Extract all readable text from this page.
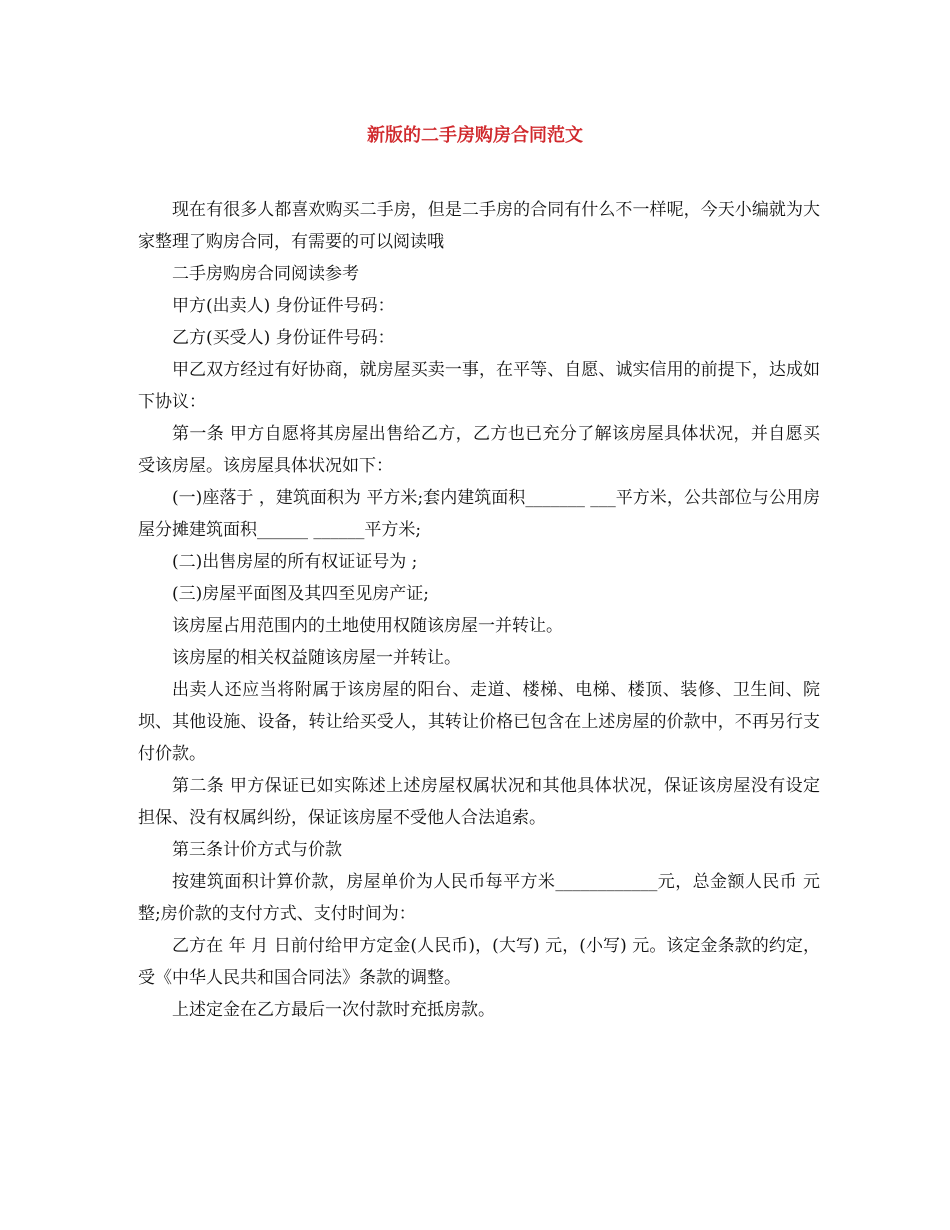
新版的二手房购房合同范文

现在有很多人都喜欢购买二手房，但是二手房的合同有什么不一样呢，今天小编就为大家整理了购房合同，有需要的可以阅读哦

二手房购房合同阅读参考

甲方(出卖人) 身份证件号码：

乙方(买受人) 身份证件号码：

甲乙双方经过有好协商，就房屋买卖一事，在平等、自愿、诚实信用的前提下，达成如下协议：

第一条 甲方自愿将其房屋出售给乙方，乙方也已充分了解该房屋具体状况，并自愿买受该房屋。该房屋具体状况如下：

(一)座落于 ，建筑面积为 平方米;套内建筑面积_______ ___平方米，公共部位与公用房屋分摊建筑面积______ ______平方米;

(二)出售房屋的所有权证证号为 ;

(三)房屋平面图及其四至见房产证;

该房屋占用范围内的土地使用权随该房屋一并转让。

该房屋的相关权益随该房屋一并转让。

出卖人还应当将附属于该房屋的阳台、走道、楼梯、电梯、楼顶、装修、卫生间、院坝、其他设施、设备，转让给买受人，其转让价格已包含在上述房屋的价款中，不再另行支付价款。

第二条 甲方保证已如实陈述上述房屋权属状况和其他具体状况，保证该房屋没有设定担保、没有权属纠纷，保证该房屋不受他人合法追索。

第三条计价方式与价款

按建筑面积计算价款，房屋单价为人民币每平方米____________元，总金额人民币 元整;房价款的支付方式、支付时间为：

乙方在 年 月 日前付给甲方定金(人民币)，(大写) 元，(小写) 元。该定金条款的约定，受《中华人民共和国合同法》条款的调整。

上述定金在乙方最后一次付款时充抵房款。
